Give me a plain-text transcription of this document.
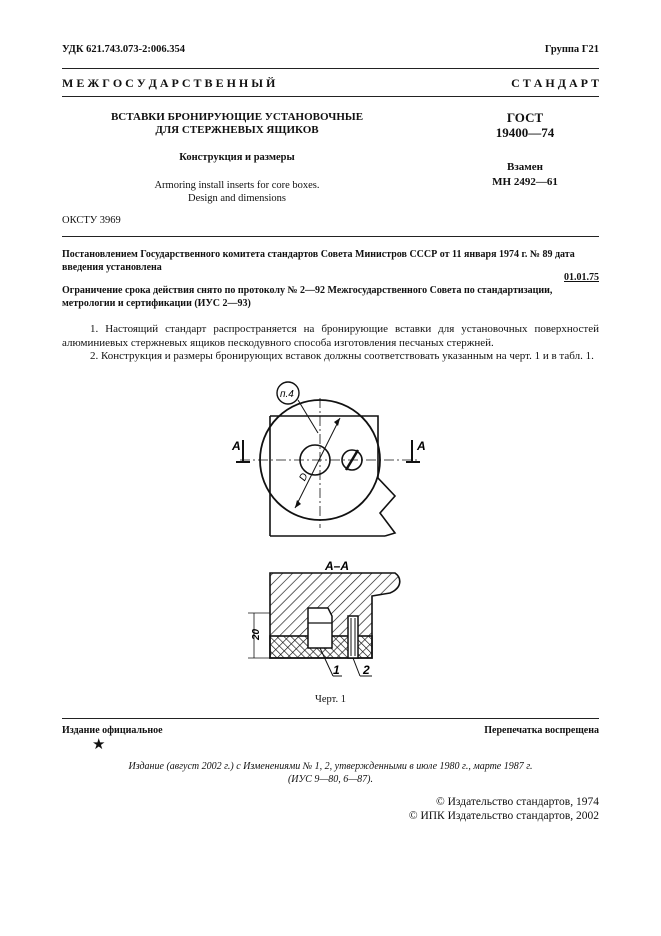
УДК 621.743.073-2:006.354	Группа Г21
М Е Ж Г О С У Д А Р С Т В Е Н Н Ы Й	С Т А Н Д А Р Т
ВСТАВКИ БРОНИРУЮЩИЕ УСТАНОВОЧНЫЕ
ДЛЯ СТЕРЖНЕВЫХ ЯЩИКОВ
Конструкция и размеры
Armoring install inserts for core boxes.
Design and dimensions
ГОСТ
19400—74
Взамен
МН 2492—61
ОКСТУ 3969
Постановлением Государственного комитета стандартов Совета Министров СССР от 11 января 1974 г. № 89 дата введения установлена
01.01.75
Ограничение срока действия снято по протоколу № 2—92 Межгосударственного Совета по стандартизации, метрологии и сертификации (ИУС 2—93)
1. Настоящий стандарт распространяется на бронирующие вставки для установочных поверхностей алюминиевых стержневых ящиков пескодувного способа изготовления песчаных стержней.
2. Конструкция и размеры бронирующих вставок должны соответствовать указанным на черт. 1 и в табл. 1.
D
п.4
A	A
А–А
20
1 2
Черт. 1
Издание официальное	Перепечатка воспрещена
★
Издание (август 2002 г.) с Изменениями № 1, 2, утвержденными в июле 1980 г., марте 1987 г.
(ИУС 9—80, 6—87).
© Издательство стандартов, 1974
© ИПК Издательство стандартов, 2002
